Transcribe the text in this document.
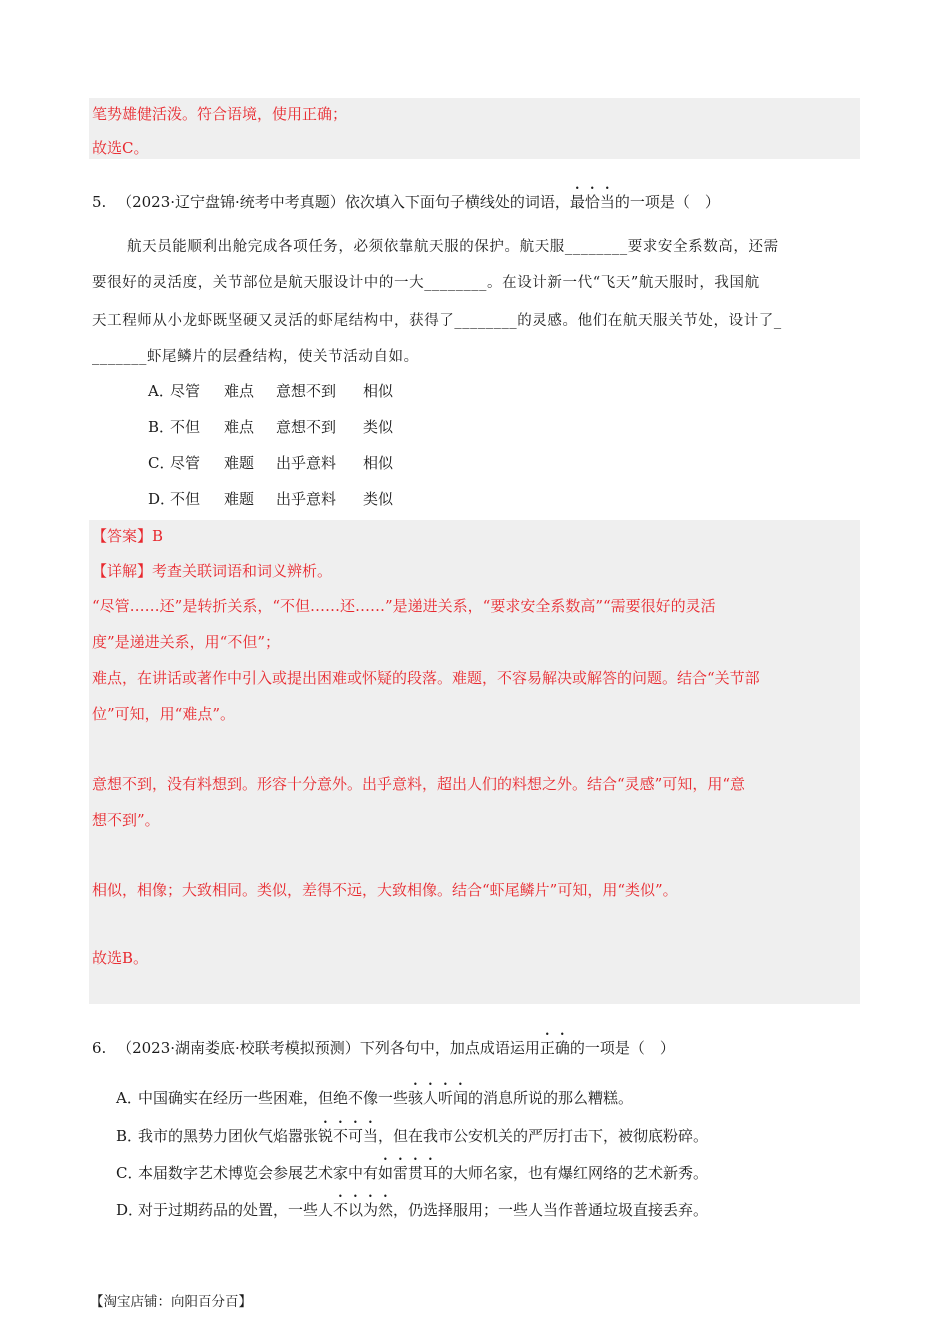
笔势雄健活泼。符合语境，使用正确；
故选C。
5. （2023·辽宁盘锦·统考中考真题）依次填入下面句子横线处的词语，最恰当的一项是（　）
航天员能顺利出舱完成各项任务，必须依靠航天服的保护。航天服________要求安全系数高，还需
要很好的灵活度，关节部位是航天服设计中的一大________。在设计新一代“飞天”航天服时，我国航
天工程师从小龙虾既坚硬又灵活的虾尾结构中，获得了________的灵感。他们在航天服关节处，设计了_
_______虾尾鳞片的层叠结构，使关节活动自如。
A．尽管 难点 意想不到 相似
B．不但 难点 意想不到 类似
C．尽管 难题 出乎意料 相似
D．不但 难题 出乎意料 类似
【答案】B
【详解】考查关联词语和词义辨析。
“尽管……还”是转折关系，“不但……还……”是递进关系，“要求安全系数高”“需要很好的灵活
度”是递进关系，用“不但”；
难点，在讲话或著作中引入或提出困难或怀疑的段落。难题，不容易解决或解答的问题。结合“关节部
位”可知，用“难点”。
意想不到，没有料想到。形容十分意外。出乎意料，超出人们的料想之外。结合“灵感”可知，用“意
想不到”。
相似，相像；大致相同。类似，差得不远，大致相像。结合“虾尾鳞片”可知，用“类似”。
故选B。
6. （2023·湖南娄底·校联考模拟预测）下列各句中，加点成语运用正确的一项是（　）
A．中国确实在经历一些困难，但绝不像一些骇人听闻的消息所说的那么糟糕。
B．我市的黑势力团伙气焰嚣张锐不可当，但在我市公安机关的严厉打击下，被彻底粉碎。
C．本届数字艺术博览会参展艺术家中有如雷贯耳的大师名家，也有爆红网络的艺术新秀。
D．对于过期药品的处置，一些人不以为然，仍选择服用；一些人当作普通垃圾直接丢弃。
【淘宝店铺：向阳百分百】
